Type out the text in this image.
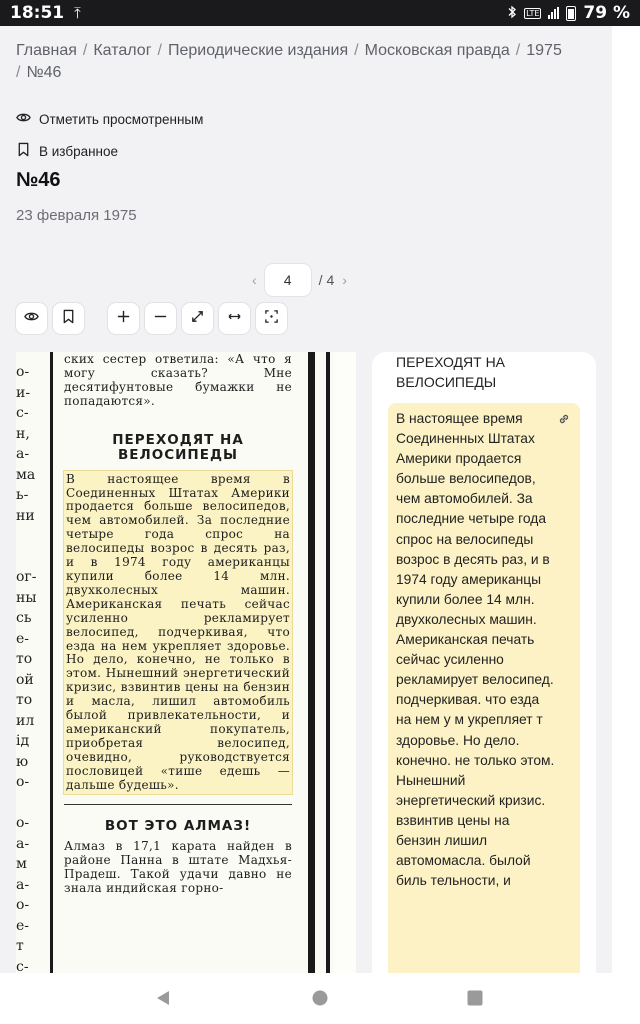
18:51 ⤒	LTE	79 %
Главная / Каталог / Периодические издания / Московская правда / 1975
/ №46
Отметить просмотренным
В избранное
№46
23 февраля 1975
‹	4	/ 4 ›
о-
и-
с-
н,
а-
ма
ь-
ни

ог-
ны
сь
е-
то
ой
то
ил
ід
ю
о-

о-
а-
м
а-
о-
е-
т
с-
ских сестер ответила: «А что я могу сказать? Мне десятифунтовые бумажки не попадаются».
ПЕРЕХОДЯТ НА ВЕЛОСИПЕДЫ
В настоящее время в Соединенных Штатах Америки продается больше велосипедов, чем автомобилей. За последние четыре года спрос на велосипеды возрос в десять раз, и в 1974 году американцы купили более 14 млн. двухколесных машин. Американская печать сейчас усиленно рекламирует велосипед, подчеркивая, что езда на нем укрепляет здоровье. Но дело, конечно, не только в этом. Нынешний энергетический кризис, взвинтив цены на бензин и масла, лишил автомобиль былой привлекательности, и американский покупатель, приобретая велосипед, очевидно, руководствуется пословицей «тише едешь — дальше будешь».
ВОТ ЭТО АЛМАЗ!
Алмаз в 17,1 карата найден в районе Панна в штате Мадхья-Прадеш. Такой удачи давно не знала индийская горно-
ПЕРЕХОДЯТ НА ВЕЛОСИПЕДЫ
В настоящее время Соединенных Штатах Америки продается больше велосипедов, чем автомобилей. За последние четыре года спрос на велосипеды возрос в десять раз, и в 1974 году американцы купили более 14 млн. двухколесных машин. Американская печать сейчас усиленно рекламирует велосипед. подчеркивая. что езда на нем у м укрепляет т здоровье. Но дело. конечно. не только этом. Нынешний энергетический кризис. взвинтив цены на бензин лишил автомомасла. былой биль тельности, и
